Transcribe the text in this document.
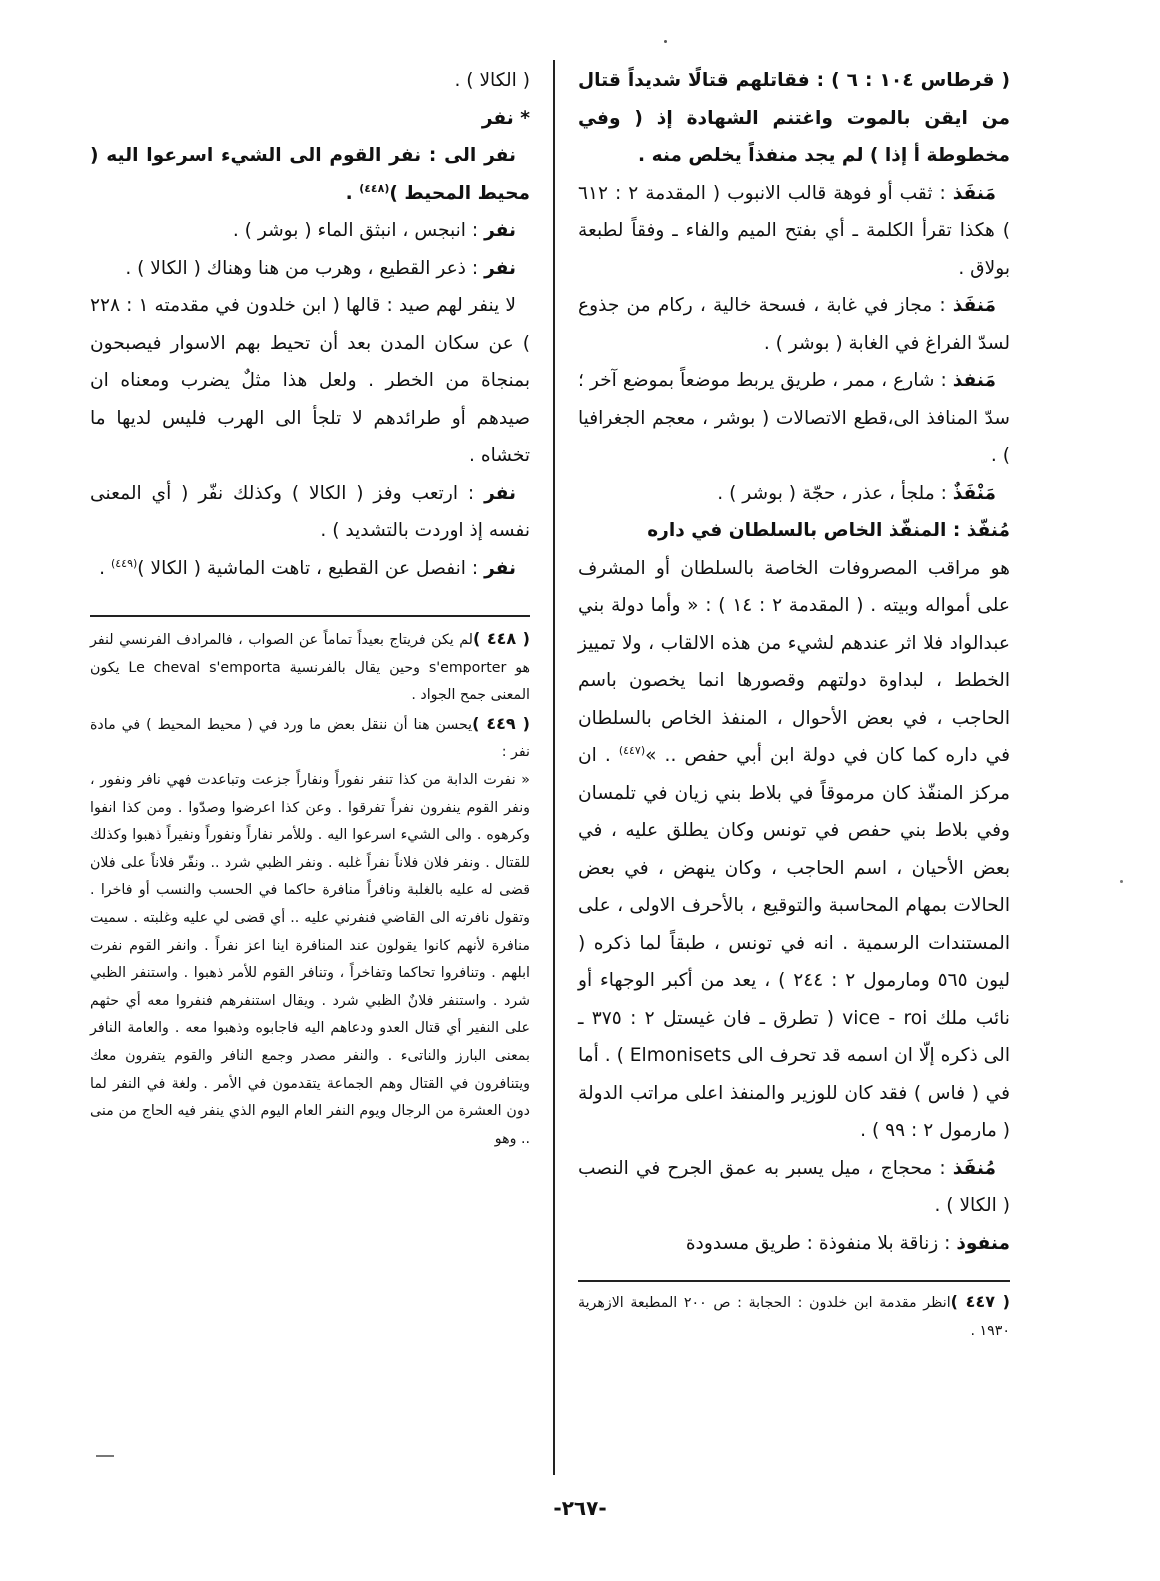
( قرطاس ١٠٤ : ٦ ) : فقاتلهم قتالًا شديداً قتال من ايقن بالموت واغتنم الشهادة إذ ( وفي مخطوطة أ إذا ) لم يجد منفذاً يخلص منه .

مَنفَذ : ثقب أو فوهة قالب الانبوب ( المقدمة ٢ : ٦١٢ ) هكذا تقرأ الكلمة ـ أي بفتح الميم والفاء ـ وفقاً لطبعة بولاق .

مَنفَذ : مجاز في غابة ، فسحة خالية ، ركام من جذوع لسدّ الفراغ في الغابة ( بوشر ) .

مَنفذ : شارع ، ممر ، طريق يربط موضعاً بموضع آخر ؛ سدّ المنافذ الى،قطع الاتصالات ( بوشر ، معجم الجغرافيا ) .

مَنْفَذٌ : ملجأ ، عذر ، حجّة ( بوشر ) .

مُنفّذ : المنفّذ الخاص بالسلطان في داره

هو مراقب المصروفات الخاصة بالسلطان أو المشرف على أمواله وبيته . ( المقدمة ٢ : ١٤ ) : « وأما دولة بني عبدالواد فلا اثر عندهم لشيء من هذه الالقاب ، ولا تمييز الخطط ، لبداوة دولتهم وقصورها انما يخصون باسم الحاجب ، في بعض الأحوال ، المنفذ الخاص بالسلطان في داره كما كان في دولة ابن أبي حفص .. »$^{(٤٤٧)}$ . ان مركز المنفّذ كان مرموقاً في بلاط بني زيان في تلمسان وفي بلاط بني حفص في تونس وكان يطلق عليه ، في بعض الأحيان ، اسم الحاجب ، وكان ينهض ، في بعض الحالات بمهام المحاسبة والتوقيع ، بالأحرف الاولى ، على المستندات الرسمية . انه في تونس ، طبقاً لما ذكره ( ليون ٥٦٥ ومارمول ٢ : ٢٤٤ ) ، يعد من أكبر الوجهاء أو نائب ملك vice - roi ( تطرق ـ فان غيستل ٢ : ٣٧٥ ـ الى ذكره إلّا ان اسمه قد تحرف الى Elmonisets ) . أما في ( فاس ) فقد كان للوزير والمنفذ اعلى مراتب الدولة ( مارمول ٢ : ٩٩ ) .

مُنفَذ : محجاج ، ميل يسبر به عمق الجرح في النصب ( الكالا ) .

منفوذ : زناقة بلا منفوذة : طريق مسدودة

( ٤٤٧ )انظر مقدمة ابن خلدون : الحجابة : ص ٢٠٠ المطبعة الازهرية ١٩٣٠ .

( الكالا ) .

* نفر

نفر الى : نفر القوم الى الشيء اسرعوا اليه ( محيط المحيط )$^{(٤٤٨)}$ .

نفر : انبجس ، انبثق الماء ( بوشر ) .

نفر : ذعر القطيع ، وهرب من هنا وهناك ( الكالا ) .

لا ينفر لهم صيد : قالها ( ابن خلدون في مقدمته ١ : ٢٢٨ ) عن سكان المدن بعد أن تحيط بهم الاسوار فيصبحون بمنجاة من الخطر . ولعل هذا مثلٌ يضرب ومعناه ان صيدهم أو طرائدهم لا تلجأ الى الهرب فليس لديها ما تخشاه .

نفر : ارتعب وفز ( الكالا ) وكذلك نفّر ( أي المعنى نفسه إذ اوردت بالتشديد ) .

نفر : انفصل عن القطيع ، تاهت الماشية ( الكالا )$^{(٤٤٩)}$ .

( ٤٤٨ )لم يكن فريتاج بعيداً تماماً عن الصواب ، فالمرادف الفرنسي لنفر هو s'emporter وحين يقال بالفرنسية Le cheval s'emporta يكون المعنى جمح الجواد .

( ٤٤٩ )يحسن هنا أن ننقل بعض ما ورد في ( محيط المحيط ) في مادة نفر :

« نفرت الدابة من كذا تنفر نفوراً ونفاراً جزعت وتباعدت فهي نافر ونفور ، ونفر القوم ينفرون نفراً تفرقوا . وعن كذا اعرضوا وصدّوا . ومن كذا انفوا وكرهوه . والى الشيء اسرعوا اليه . وللأمر نفاراً ونفوراً ونفيراً ذهبوا وكذلك للقتال . ونفر فلان فلاناً نفراً غلبه . ونفر الظبي شرد .. ونفّر فلاناً على فلان قضى له عليه بالغلبة ونافراً منافرة حاكما في الحسب والنسب أو فاخرا . وتقول نافرته الى القاضي فنفرني عليه .. أي قضى لي عليه وغلبته . سميت منافرة لأنهم كانوا يقولون عند المنافرة اينا اعز نفراً . وانفر القوم نفرت ابلهم . وتنافروا تحاكما وتفاخراً ، وتنافر القوم للأمر ذهبوا . واستنفر الظبي شرد . واستنفر فلانٌ الظبي شرد . ويقال استنفرهم فنفروا معه أي حثهم على النفير أي قتال العدو ودعاهم اليه فاجابوه وذهبوا معه . والعامة النافر بمعنى البارز والناتىء . والنفر مصدر وجمع النافر والقوم يتفرون معك ويتنافرون في القتال وهم الجماعة يتقدمون في الأمر . ولغة في النفر لما دون العشرة من الرجال ويوم النفر العام اليوم الذي ينفر فيه الحاج من منى .. وهو

-٢٦٧-
